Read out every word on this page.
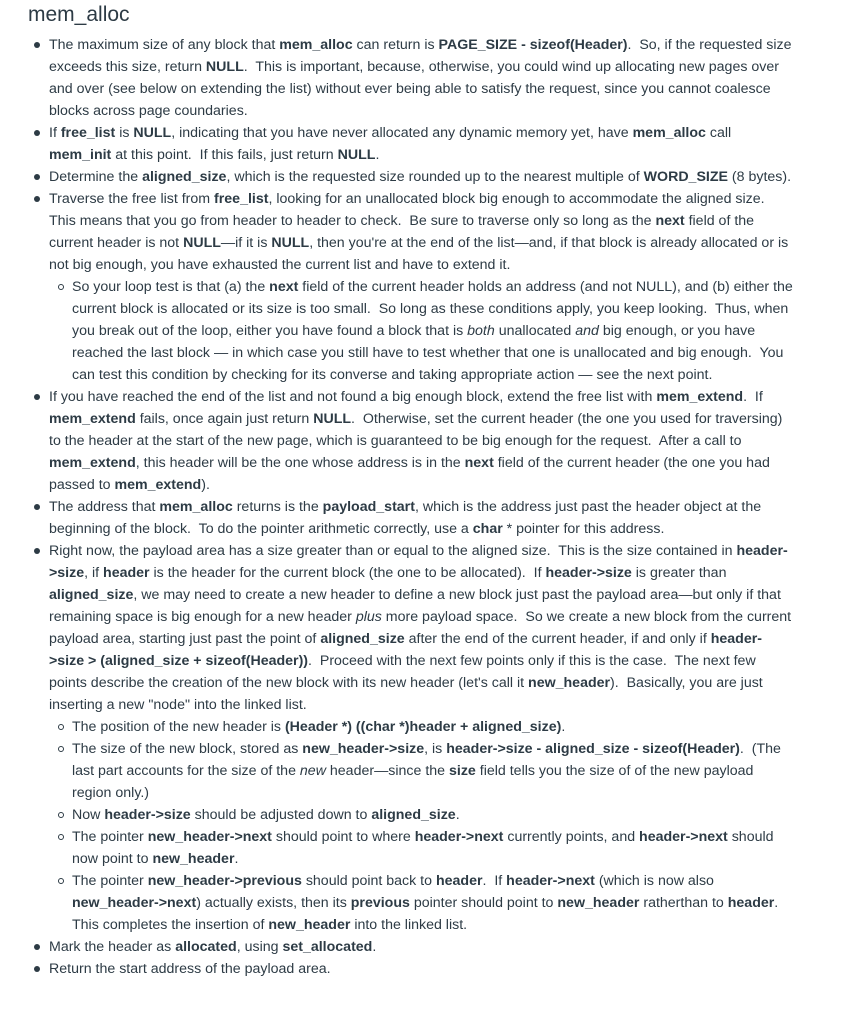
mem_alloc
The maximum size of any block that mem_alloc can return is PAGE_SIZE - sizeof(Header).  So, if the requested size exceeds this size, return NULL.  This is important, because, otherwise, you could wind up allocating new pages over and over (see below on extending the list) without ever being able to satisfy the request, since you cannot coalesce blocks across page coundaries.
If free_list is NULL, indicating that you have never allocated any dynamic memory yet, have mem_alloc call mem_init at this point.  If this fails, just return NULL.
Determine the aligned_size, which is the requested size rounded up to the nearest multiple of WORD_SIZE (8 bytes).
Traverse the free list from free_list, looking for an unallocated block big enough to accommodate the aligned size.  This means that you go from header to header to check.  Be sure to traverse only so long as the next field of the current header is not NULL—if it is NULL, then you're at the end of the list—and, if that block is already allocated or is not big enough, you have exhausted the current list and have to extend it.
So your loop test is that (a) the next field of the current header holds an address (and not NULL), and (b) either the current block is allocated or its size is too small.  So long as these conditions apply, you keep looking.  Thus, when you break out of the loop, either you have found a block that is both unallocated and big enough, or you have reached the last block — in which case you still have to test whether that one is unallocated and big enough.  You can test this condition by checking for its converse and taking appropriate action — see the next point.
If you have reached the end of the list and not found a big enough block, extend the free list with mem_extend.  If mem_extend fails, once again just return NULL.  Otherwise, set the current header (the one you used for traversing) to the header at the start of the new page, which is guaranteed to be big enough for the request.  After a call to mem_extend, this header will be the one whose address is in the next field of the current header (the one you had passed to mem_extend).
The address that mem_alloc returns is the payload_start, which is the address just past the header object at the beginning of the block.  To do the pointer arithmetic correctly, use a char * pointer for this address.
Right now, the payload area has a size greater than or equal to the aligned size.  This is the size contained in header->size, if header is the header for the current block (the one to be allocated).  If header->size is greater than aligned_size, we may need to create a new header to define a new block just past the payload area—but only if that remaining space is big enough for a new header plus more payload space.  So we create a new block from the current payload area, starting just past the point of aligned_size after the end of the current header, if and only if header->size > (aligned_size + sizeof(Header)).  Proceed with the next few points only if this is the case.  The next few points describe the creation of the new block with its new header (let's call it new_header).  Basically, you are just inserting a new "node" into the linked list.
The position of the new header is (Header *) ((char *)header + aligned_size).
The size of the new block, stored as new_header->size, is header->size - aligned_size - sizeof(Header).  (The last part accounts for the size of the new header—since the size field tells you the size of of the new payload region only.)
Now header->size should be adjusted down to aligned_size.
The pointer new_header->next should point to where header->next currently points, and header->next should now point to new_header.
The pointer new_header->previous should point back to header.  If header->next (which is now also new_header->next) actually exists, then its previous pointer should point to new_header ratherthan to header. This completes the insertion of new_header into the linked list.
Mark the header as allocated, using set_allocated.
Return the start address of the payload area.
